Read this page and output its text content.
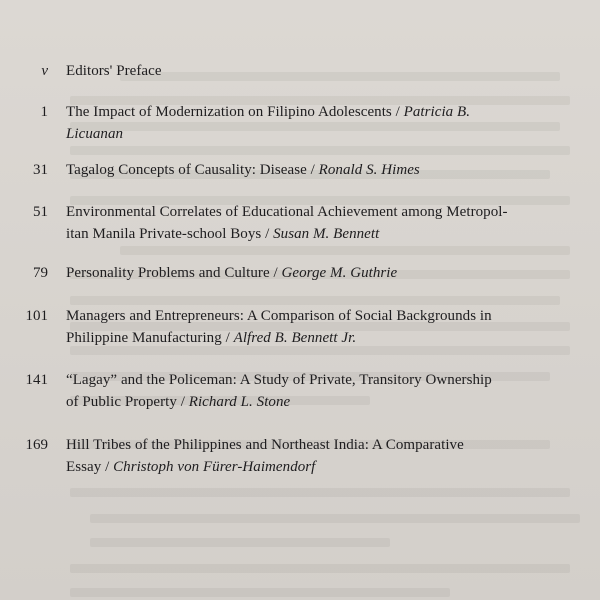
v Editors' Preface
1 The Impact of Modernization on Filipino Adolescents / Patricia B.
Licuanan
31 Tagalog Concepts of Causality: Disease / Ronald S. Himes
51 Environmental Correlates of Educational Achievement among Metropol-
itan Manila Private-school Boys / Susan M. Bennett
79 Personality Problems and Culture / George M. Guthrie
101 Managers and Entrepreneurs: A Comparison of Social Backgrounds in
Philippine Manufacturing / Alfred B. Bennett Jr.
141 “Lagay” and the Policeman: A Study of Private, Transitory Ownership
of Public Property / Richard L. Stone
169 Hill Tribes of the Philippines and Northeast India: A Comparative
Essay / Christoph von Fürer-Haimendorf
